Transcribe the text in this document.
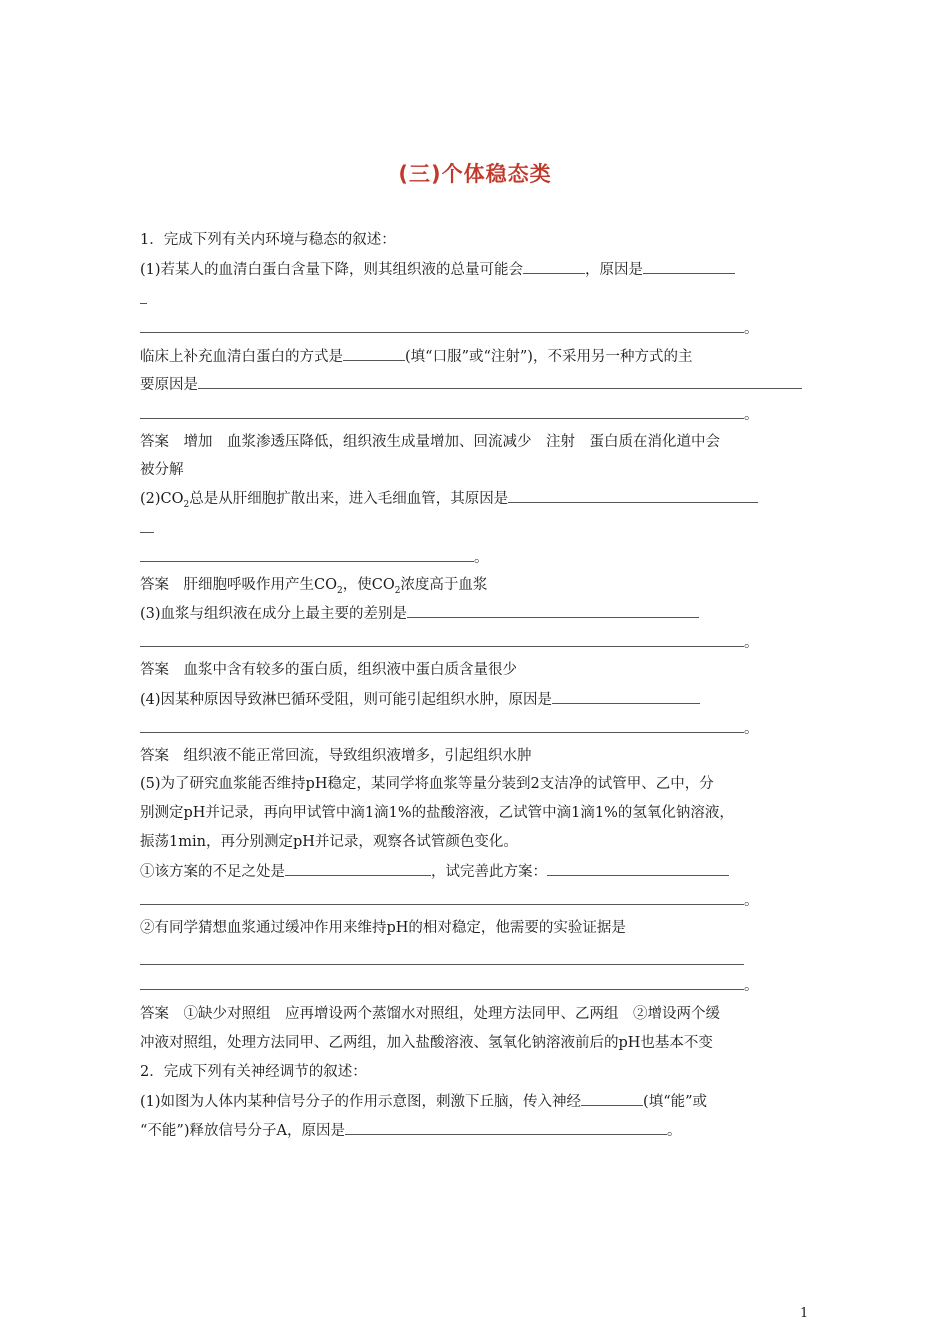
(三)个体稳态类
1．完成下列有关内环境与稳态的叙述：
(1)若某人的血清白蛋白含量下降，则其组织液的总量可能会	，原因是
。
临床上补充血清白蛋白的方式是	(填“口服”或“注射”)，不采用另一种方式的主
要原因是
。
答案　增加　血浆渗透压降低，组织液生成量增加、回流减少　注射　蛋白质在消化道中会
被分解
$(2)CO_2$总是从肝细胞扩散出来，进入毛细血管，其原因是
。
答案　肝细胞呼吸作用产生$CO_2$，使$CO_2$浓度高于血浆
(3)血浆与组织液在成分上最主要的差别是
。
答案　血浆中含有较多的蛋白质，组织液中蛋白质含量很少
(4)因某种原因导致淋巴循环受阻，则可能引起组织水肿，原因是
。
答案　组织液不能正常回流，导致组织液增多，引起组织水肿
(5)为了研究血浆能否维持pH稳定，某同学将血浆等量分装到2支洁净的试管甲、乙中，分
别测定pH并记录，再向甲试管中滴1滴1%的盐酸溶液，乙试管中滴1滴1%的氢氧化钠溶液，
振荡1min，再分别测定pH并记录，观察各试管颜色变化。
①该方案的不足之处是	，试完善此方案：
。
②有同学猜想血浆通过缓冲作用来维持pH的相对稳定，他需要的实验证据是
。
答案　①缺少对照组　应再增设两个蒸馏水对照组，处理方法同甲、乙两组　②增设两个缓
冲液对照组，处理方法同甲、乙两组，加入盐酸溶液、氢氧化钠溶液前后的pH也基本不变
2．完成下列有关神经调节的叙述：
(1)如图为人体内某种信号分子的作用示意图，刺激下丘脑，传入神经	(填“能”或
“不能”)释放信号分子A，原因是	。
1
